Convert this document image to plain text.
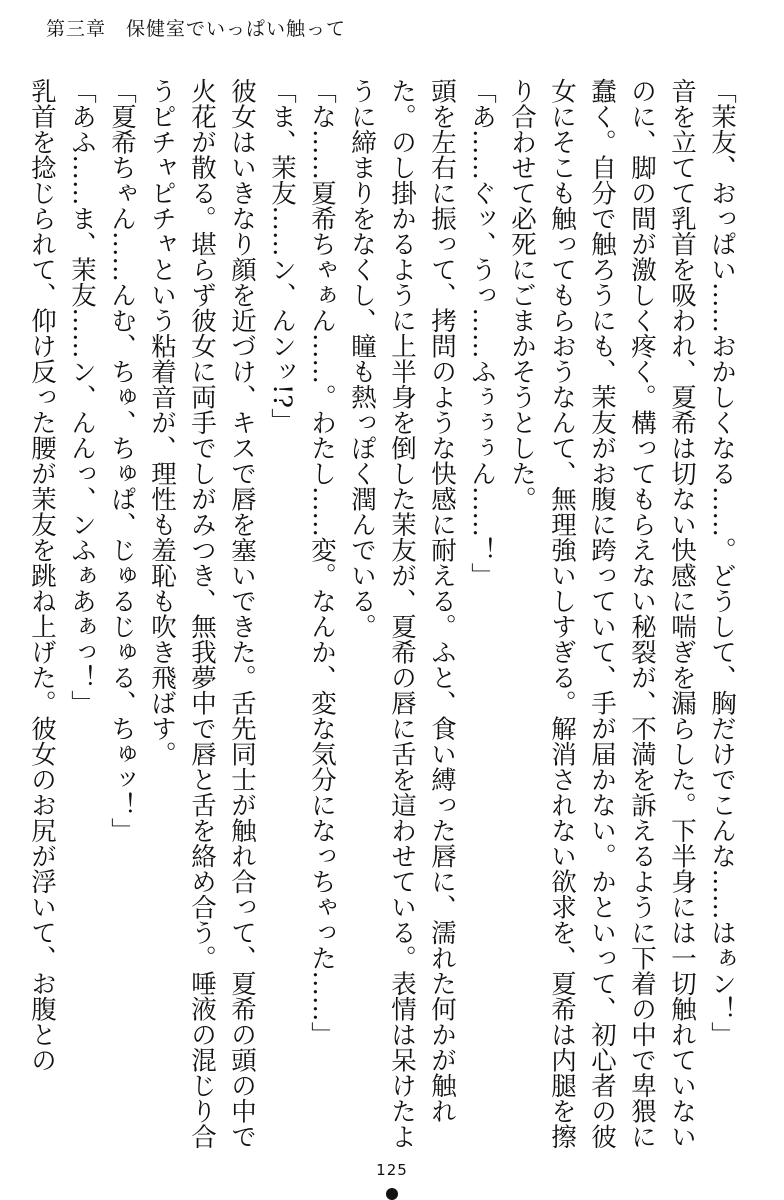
第三章　保健室でいっぱい触って

「茉友、おっぱい……おかしくなる……。どうして、胸だけでこんな……はぁン！」

音を立てて乳首を吸われ、夏希は切ない快感に喘ぎを漏らした。下半身には一切触れていないのに、脚の間が激しく疼く。構ってもらえない秘裂が、不満を訴えるように下着の中で卑猥に蠢く。自分で触ろうにも、茉友がお腹に跨っていて、手が届かない。かといって、初心者の彼女にそこも触ってもらおうなんて、無理強いしすぎる。解消されない欲求を、夏希は内腿を擦り合わせて必死にごまかそうとした。

「あ……ぐッ、うっ……ふぅぅぅん……！」

頭を左右に振って、拷問のような快感に耐える。ふと、食い縛った唇に、濡れた何かが触れた。のし掛かるように上半身を倒した茉友が、夏希の唇に舌を這わせている。表情は呆けたように締まりをなくし、瞳も熱っぽく潤んでいる。

「な……夏希ちゃぁん……。わたし……変。なんか、変な気分になっちゃった……」

「ま、茉友……ン、んンッ!?」

彼女はいきなり顔を近づけ、キスで唇を塞いできた。舌先同士が触れ合って、夏希の頭の中で火花が散る。堪らず彼女に両手でしがみつき、無我夢中で唇と舌を絡め合う。唾液の混じり合うピチャピチャという粘着音が、理性も羞恥も吹き飛ばす。

「夏希ちゃん……んむ、ちゅ、ちゅぱ、じゅるじゅる、ちゅッ！」

「あふ……ま、茉友……ン、んんっ、ンふぁあぁっ！」

乳首を捻じられて、仰け反った腰が茉友を跳ね上げた。彼女のお尻が浮いて、お腹との

125
